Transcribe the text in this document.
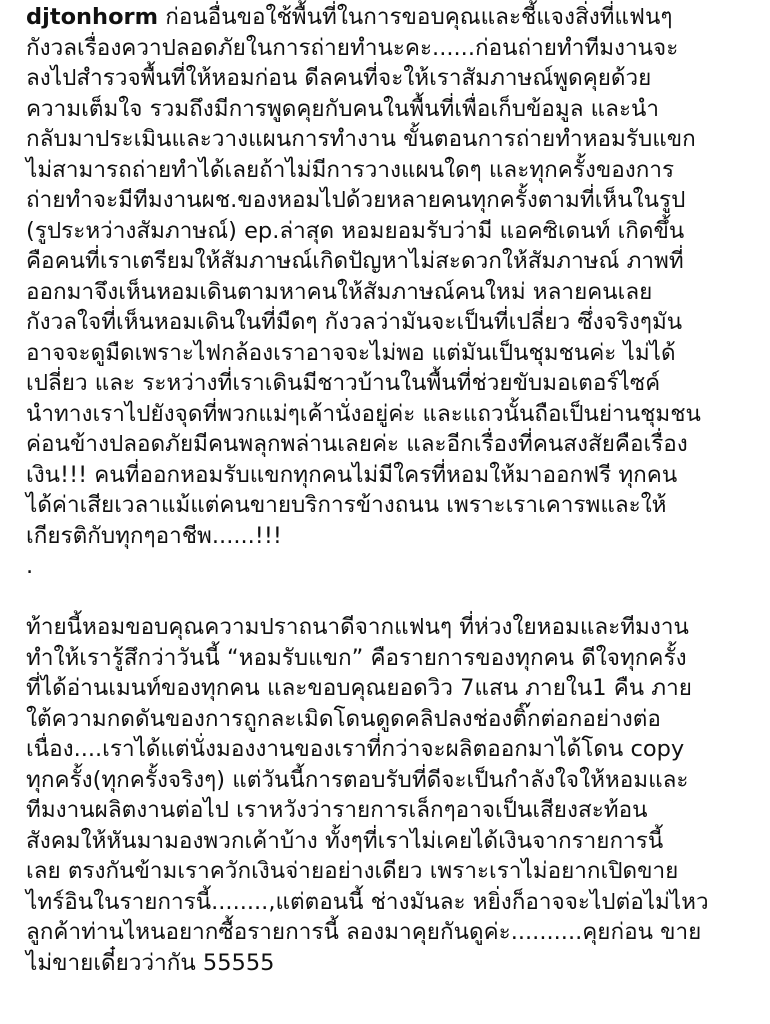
djtonhorm ก่อนอื่นขอใช้พื้นที่ในการขอบคุณและชี้แจงสิ่งที่แฟนๆ
กังวลเรื่องควาปลอดภัยในการถ่ายทำนะคะ......ก่อนถ่ายทำทีมงานจะ
ลงไปสำรวจพื้นที่ให้หอมก่อน ดีลคนที่จะให้เราสัมภาษณ์พูดคุยด้วย
ความเต็มใจ รวมถึงมีการพูดคุยกับคนในพื้นที่เพื่อเก็บข้อมูล และนำ
กลับมาประเมินและวางแผนการทำงาน ขั้นตอนการถ่ายทำหอมรับแขก
ไม่สามารถถ่ายทำได้เลยถ้าไม่มีการวางแผนใดๆ และทุกครั้งของการ
ถ่ายทำจะมีทีมงานผช.ของหอมไปด้วยหลายคนทุกครั้งตามที่เห็นในรูป
(รูประหว่างสัมภาษณ์) ep.ล่าสุด หอมยอมรับว่ามี แอคซิเดนท์ เกิดขึ้น
คือคนที่เราเตรียมให้สัมภาษณ์เกิดปัญหาไม่สะดวกให้สัมภาษณ์ ภาพที่
ออกมาจึงเห็นหอมเดินตามหาคนให้สัมภาษณ์คนใหม่ หลายคนเลย
กังวลใจที่เห็นหอมเดินในที่มืดๆ กังวลว่ามันจะเป็นที่เปลี่ยว ซึ่งจริงๆมัน
อาจจะดูมืดเพราะไฟกล้องเราอาจจะไม่พอ แต่มันเป็นชุมชนค่ะ ไม่ได้
เปลี่ยว และ ระหว่างที่เราเดินมีชาวบ้านในพื้นที่ช่วยขับมอเตอร์ไซค์
นำทางเราไปยังจุดที่พวกแม่ๆเค้านั่งอยู่ค่ะ และแถวนั้นถือเป็นย่านชุมชน
ค่อนข้างปลอดภัยมีคนพลุกพล่านเลยค่ะ และอีกเรื่องที่คนสงสัยคือเรื่อง
เงิน!!! คนที่ออกหอมรับแขกทุกคนไม่มีใครที่หอมให้มาออกฟรี ทุกคน
ได้ค่าเสียเวลาแม้แต่คนขายบริการข้างถนน เพราะเราเคารพและให้
เกียรติกับทุกๆอาชีพ......!!!
.
ท้ายนี้หอมขอบคุณความปราถนาดีจากแฟนๆ ที่ห่วงใยหอมและทีมงาน
ทำให้เรารู้สึกว่าวันนี้ “หอมรับแขก” คือรายการของทุกคน ดีใจทุกครั้ง
ที่ได้อ่านเมนท์ของทุกคน และขอบคุณยอดวิว 7แสน ภายใน1 คืน ภาย
ใต้ความกดดันของการถูกละเมิดโดนดูดคลิปลงช่องติ๊กต่อกอย่างต่อ
เนื่อง....เราได้แต่นั่งมองงานของเราที่กว่าจะผลิตออกมาได้โดน copy
ทุกครั้ง(ทุกครั้งจริงๆ) แต่วันนี้การตอบรับที่ดีจะเป็นกำลังใจให้หอมและ
ทีมงานผลิตงานต่อไป เราหวังว่ารายการเล็กๆอาจเป็นเสียงสะท้อน
สังคมให้หันมามองพวกเค้าบ้าง ทั้งๆที่เราไม่เคยได้เงินจากรายการนี้
เลย ตรงกันข้ามเราควักเงินจ่ายอย่างเดียว เพราะเราไม่อยากเปิดขาย
ไทร์อินในรายการนี้........,แต่ตอนนี้ ช่างมันละ หยิ่งก็อาจจะไปต่อไม่ไหว
ลูกค้าท่านไหนอยากซื้อรายการนี้ ลองมาคุยกันดูค่ะ..........คุยก่อน ขาย
ไม่ขายเดี๋ยวว่ากัน 55555
